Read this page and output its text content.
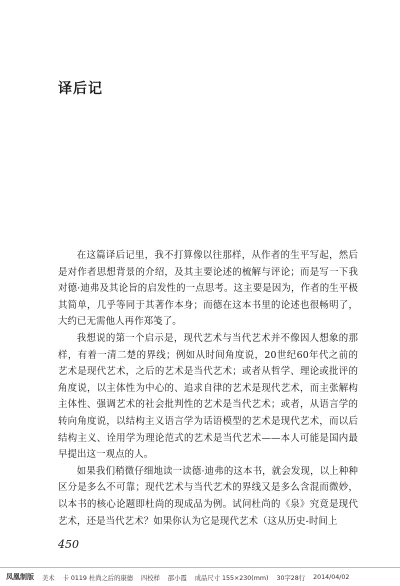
译后记

在这篇译后记里，我不打算像以往那样，从作者的生平写起，然后是对作者思想背景的介绍，及其主要论述的梳解与评论；而是写一下我对德·迪弗及其论旨的启发性的一点思考。这主要是因为，作者的生平极其简单，几乎等同于其著作本身；而德在这本书里的论述也很畅明了，大约已无需他人再作郑笺了。

我想说的第一个启示是，现代艺术与当代艺术并不像因人想象的那样，有着一清二楚的界线；例如从时间角度说，20世纪60年代之前的艺术是现代艺术，之后的艺术是当代艺术；或者从哲学、理论或批评的角度说，以主体性为中心的、追求自律的艺术是现代艺术，而主张解构主体性、强调艺术的社会批判性的艺术是当代艺术；或者，从语言学的转向角度说，以结构主义语言学为话语模型的艺术是现代艺术，而以后结构主义、诠用学为理论范式的艺术是当代艺术——本人可能是国内最早提出这一观点的人。

如果我们稍微仔细地读一读德·迪弗的这本书，就会发现，以上种种区分是多么不可靠；现代艺术与当代艺术的界线又是多么含混而微妙，以本书的核心论题即杜尚的现成品为例。试问杜尚的《泉》究竟是现代艺术，还是当代艺术？如果你认为它是现代艺术（这从历史-时间上

450
凤凰制版 美术 卡 0119 杜尚之后的康德 四校样 邵小霞 成品尺寸 155×230(mm) 30字28行 2014/04/02
